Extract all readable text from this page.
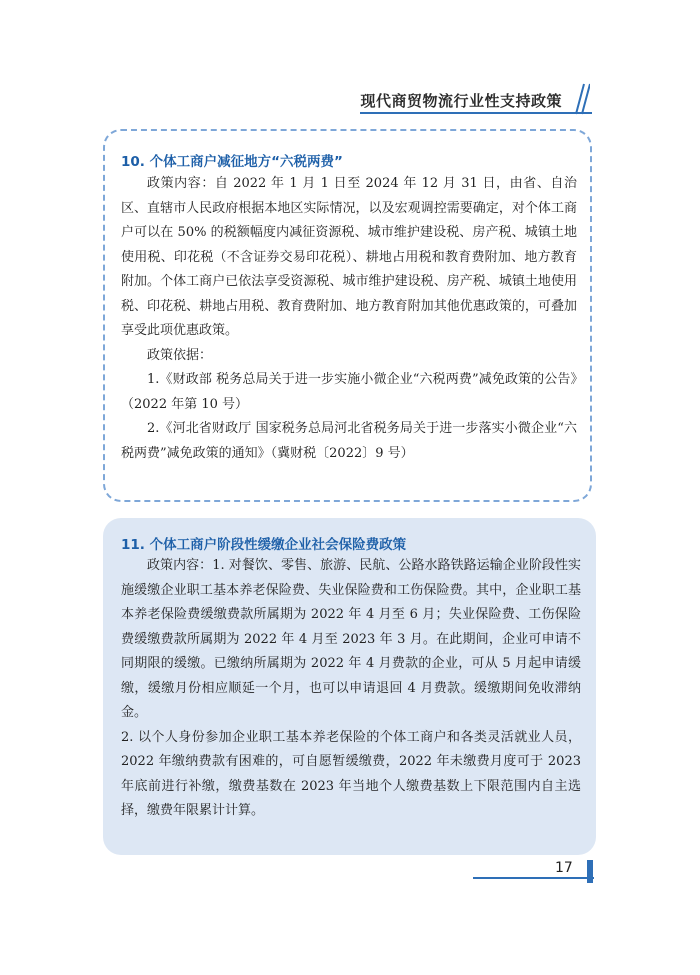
现代商贸物流行业性支持政策
10. 个体工商户减征地方“六税两费”

政策内容：自 2022 年 1 月 1 日至 2024 年 12 月 31 日，由省、自治区、直辖市人民政府根据本地区实际情况，以及宏观调控需要确定，对个体工商户可以在 50% 的税额幅度内减征资源税、城市维护建设税、房产税、城镇土地使用税、印花税（不含证券交易印花税）、耕地占用税和教育费附加、地方教育附加。个体工商户已依法享受资源税、城市维护建设税、房产税、城镇土地使用税、印花税、耕地占用税、教育费附加、地方教育附加其他优惠政策的，可叠加享受此项优惠政策。

政策依据：

1.《财政部 税务总局关于进一步实施小微企业“六税两费”减免政策的公告》（2022 年第 10 号）

2.《河北省财政厅 国家税务总局河北省税务局关于进一步落实小微企业“六税两费”减免政策的通知》（冀财税〔2022〕9 号）

11. 个体工商户阶段性缓缴企业社会保险费政策

政策内容：1. 对餐饮、零售、旅游、民航、公路水路铁路运输企业阶段性实施缓缴企业职工基本养老保险费、失业保险费和工伤保险费。其中，企业职工基本养老保险费缓缴费款所属期为 2022 年 4 月至 6 月；失业保险费、工伤保险费缓缴费款所属期为 2022 年 4 月至 2023 年 3 月。在此期间，企业可申请不同期限的缓缴。已缴纳所属期为 2022 年 4 月费款的企业，可从 5 月起申请缓缴，缓缴月份相应顺延一个月，也可以申请退回 4 月费款。缓缴期间免收滞纳金。

2. 以个人身份参加企业职工基本养老保险的个体工商户和各类灵活就业人员，2022 年缴纳费款有困难的，可自愿暂缓缴费，2022 年未缴费月度可于 2023 年底前进行补缴，缴费基数在 2023 年当地个人缴费基数上下限范围内自主选择，缴费年限累计计算。

17
